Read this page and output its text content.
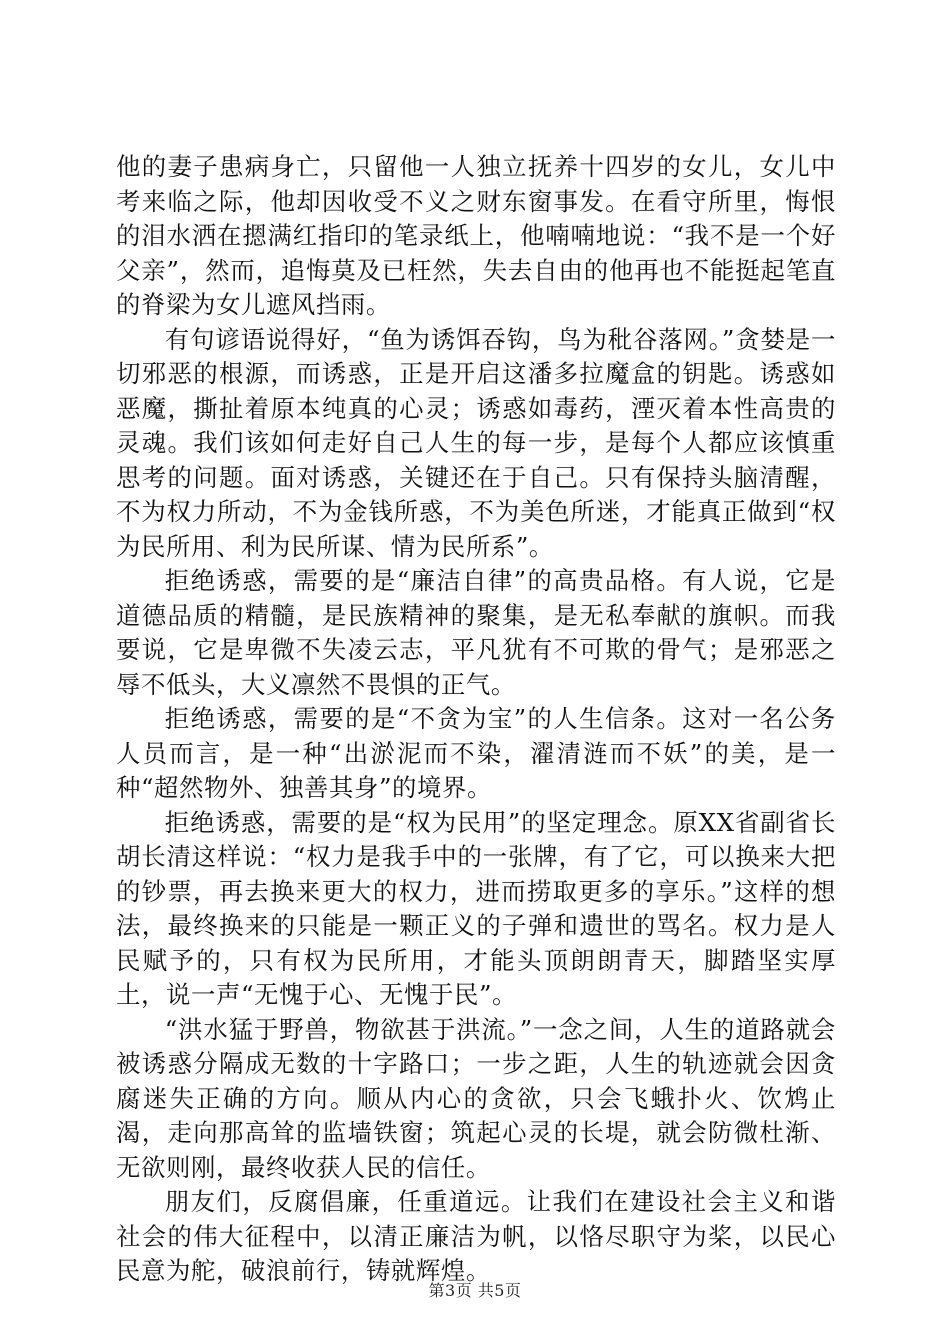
他的妻子患病身亡，只留他一人独立抚养十四岁的女儿，女儿中考来临之际，他却因收受不义之财东窗事发。在看守所里，悔恨的泪水洒在摁满红指印的笔录纸上，他喃喃地说：“我不是一个好父亲”，然而，追悔莫及已枉然，失去自由的他再也不能挺起笔直的脊梁为女儿遮风挡雨。

有句谚语说得好，“鱼为诱饵吞钩，鸟为秕谷落网。”贪婪是一切邪恶的根源，而诱惑，正是开启这潘多拉魔盒的钥匙。诱惑如恶魔，撕扯着原本纯真的心灵；诱惑如毒药，湮灭着本性高贵的灵魂。我们该如何走好自己人生的每一步，是每个人都应该慎重思考的问题。面对诱惑，关键还在于自己。只有保持头脑清醒，不为权力所动，不为金钱所惑，不为美色所迷，才能真正做到“权为民所用、利为民所谋、情为民所系”。

拒绝诱惑，需要的是“廉洁自律”的高贵品格。有人说，它是道德品质的精髓，是民族精神的聚集，是无私奉献的旗帜。而我要说，它是卑微不失凌云志，平凡犹有不可欺的骨气；是邪恶之辱不低头，大义凛然不畏惧的正气。

拒绝诱惑，需要的是“不贪为宝”的人生信条。这对一名公务人员而言，是一种“出淤泥而不染，濯清涟而不妖”的美，是一种“超然物外、独善其身”的境界。

拒绝诱惑，需要的是“权为民用”的坚定理念。原XX省副省长胡长清这样说：“权力是我手中的一张牌，有了它，可以换来大把的钞票，再去换来更大的权力，进而捞取更多的享乐。”这样的想法，最终换来的只能是一颗正义的子弹和遗世的骂名。权力是人民赋予的，只有权为民所用，才能头顶朗朗青天，脚踏坚实厚土，说一声“无愧于心、无愧于民”。

“洪水猛于野兽，物欲甚于洪流。”一念之间，人生的道路就会被诱惑分隔成无数的十字路口；一步之距，人生的轨迹就会因贪腐迷失正确的方向。顺从内心的贪欲，只会飞蛾扑火、饮鸩止渴，走向那高耸的监墙铁窗；筑起心灵的长堤，就会防微杜渐、无欲则刚，最终收获人民的信任。

朋友们，反腐倡廉，任重道远。让我们在建设社会主义和谐社会的伟大征程中，以清正廉洁为帆，以恪尽职守为桨，以民心民意为舵，破浪前行，铸就辉煌。

第3页 共5页
